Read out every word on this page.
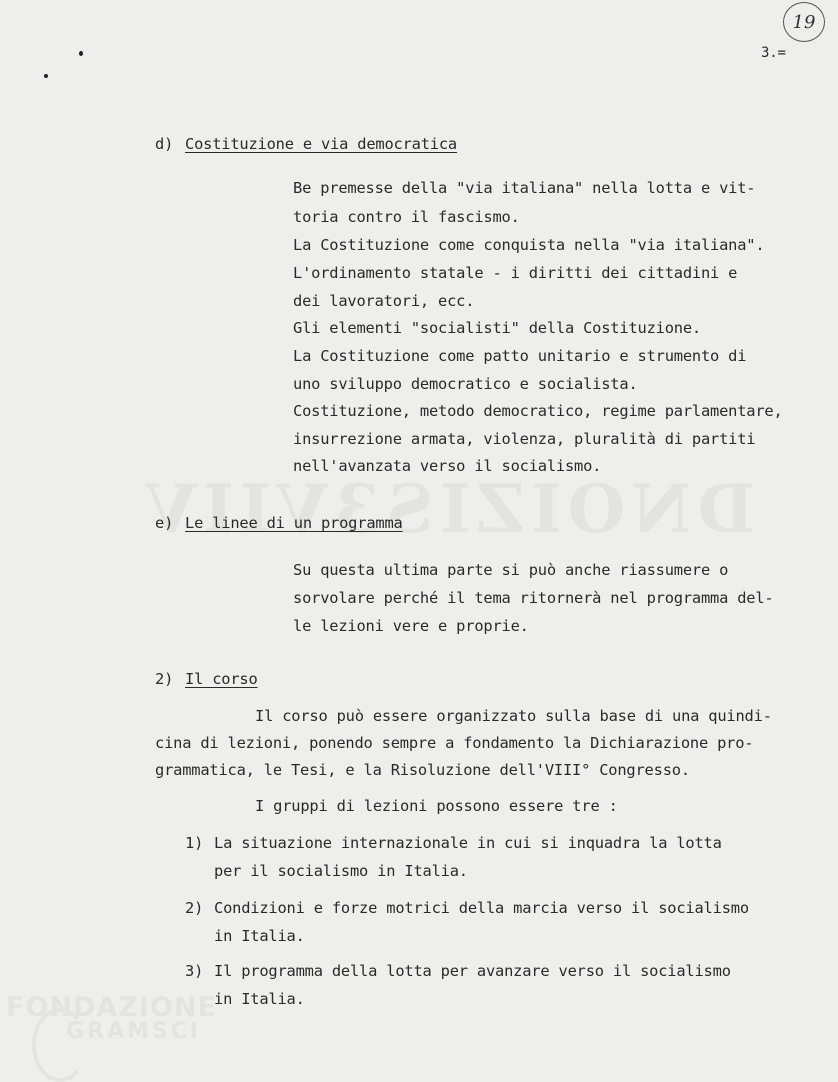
19
3.=
d) Costituzione e via democratica
Be premesse della "via italiana" nella lotta e vit-
toria contro il fascismo.
La Costituzione come conquista nella "via italiana".
L'ordinamento statale - i diritti dei cittadini e
dei lavoratori, ecc.
Gli elementi "socialisti" della Costituzione.
La Costituzione come patto unitario e strumento di
uno sviluppo democratico e socialista.
Costituzione, metodo democratico, regime parlamentare,
insurrezione armata, violenza, pluralità di partiti
nell'avanzata verso il socialismo.
e) Le linee di un programma
Su questa ultima parte si può anche riassumere o
sorvolare perché il tema ritornerà nel programma del-
le lezioni vere e proprie.
2) Il corso
Il corso può essere organizzato sulla base di una quindi-
cina di lezioni, ponendo sempre a fondamento la Dichiarazione pro-
grammatica, le Tesi, e la Risoluzione dell'VIII° Congresso.
I gruppi di lezioni possono essere tre :
1) La situazione internazionale in cui si inquadra la lotta
per il socialismo in Italia.
2) Condizioni e forze motrici della marcia verso il socialismo
in Italia.
3) Il programma della lotta per avanzare verso il socialismo
in Italia.
FONDAZIONE
GRAMSCI
